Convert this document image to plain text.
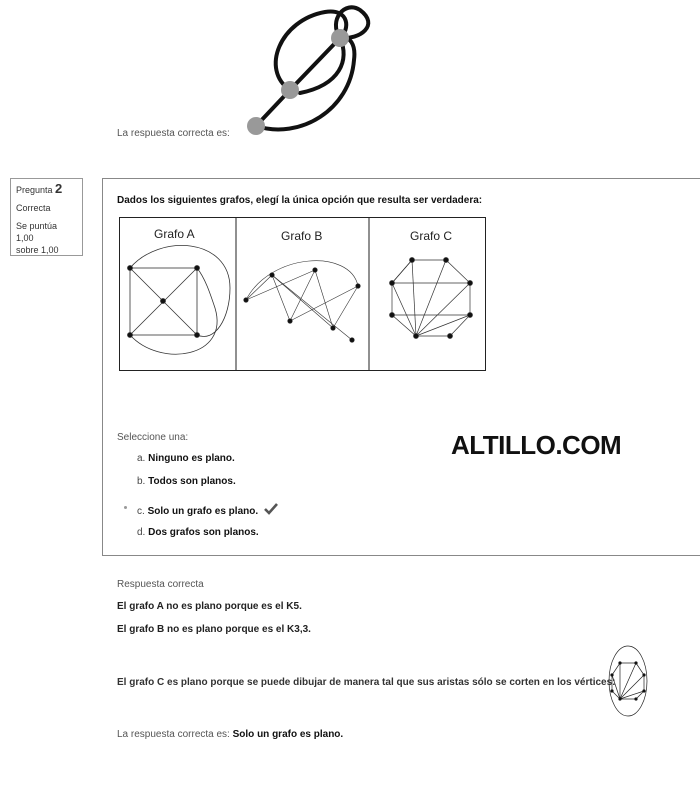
La respuesta correcta es:
Pregunta 2
Correcta
Se puntúa 1,00
sobre 1,00
Dados los siguientes grafos, elegí la única opción que resulta ser verdadera:
Grafo A	Grafo B	Grafo C
Seleccione una:
a. Ninguno es plano.
b. Todos son planos.
c. Solo un grafo es plano.
d. Dos grafos son planos.
ALTILLO.COM
Respuesta correcta
El grafo A no es plano porque es el K5.
El grafo B no es plano porque es el K3,3.
El grafo C es plano porque se puede dibujar de manera tal que sus aristas sólo se corten en los vértices:
La respuesta correcta es: Solo un grafo es plano.
